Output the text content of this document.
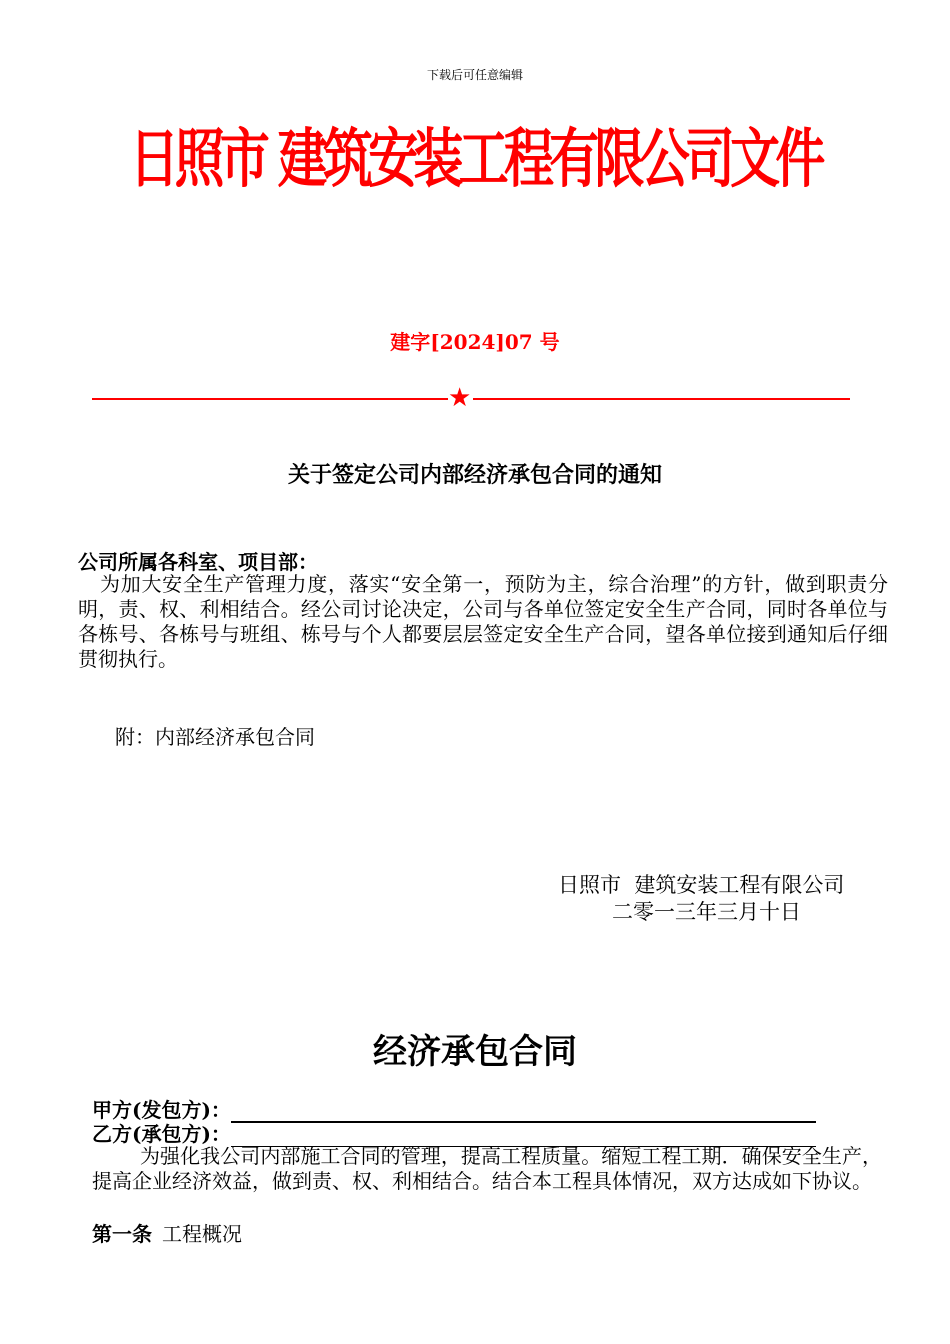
下载后可任意编辑
日照市 建筑安装工程有限公司文件
建字[2024]07 号
★
关于签定公司内部经济承包合同的通知
公司所属各科室、项目部：

为加大安全生产管理力度，落实“安全第一，预防为主，综合治理”的方针，做到职责分明，责、权、利相结合。经公司讨论决定，公司与各单位签定安全生产合同，同时各单位与各栋号、各栋号与班组、栋号与个人都要层层签定安全生产合同，望各单位接到通知后仔细贯彻执行。

附：内部经济承包合同
日照市  建筑安装工程有限公司
二零一三年三月十日
经济承包合同
甲方(发包方)：
乙方(承包方)：

为强化我公司内部施工合同的管理，提高工程质量。缩短工程工期．确保安全生产，提高企业经济效益，做到责、权、利相结合。结合本工程具体情况，双方达成如下协议。

第一条 工程概况
